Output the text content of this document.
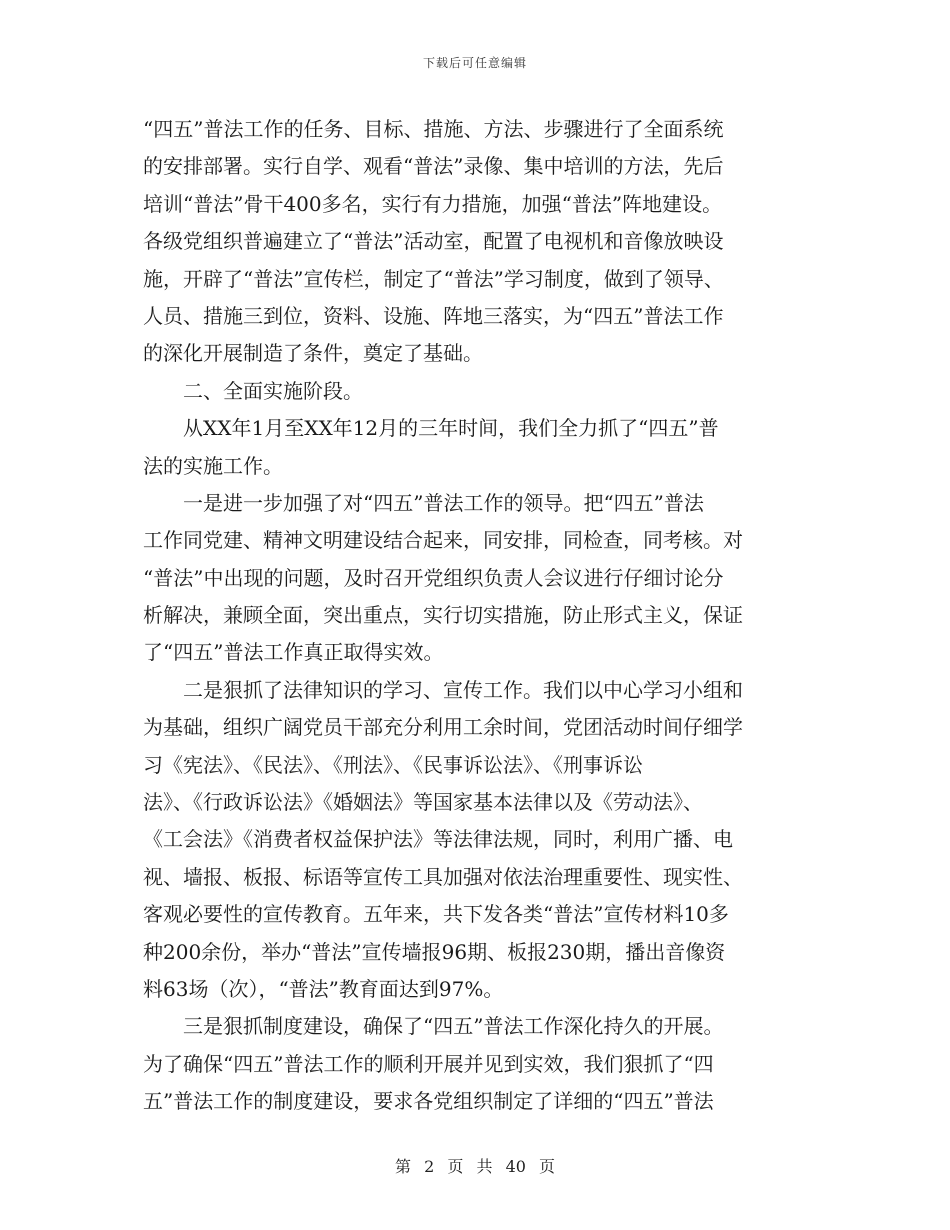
下载后可任意编辑
“四五”普法工作的任务、目标、措施、方法、步骤进行了全面系统
的安排部署。实行自学、观看“普法”录像、集中培训的方法，先后
培训“普法”骨干400多名，实行有力措施，加强“普法”阵地建设。
各级党组织普遍建立了“普法”活动室，配置了电视机和音像放映设
施，开辟了“普法”宣传栏，制定了“普法”学习制度，做到了领导、
人员、措施三到位，资料、设施、阵地三落实，为“四五”普法工作
的深化开展制造了条件，奠定了基础。
　　二、全面实施阶段。
　　从XX年1月至XX年12月的三年时间，我们全力抓了“四五”普
法的实施工作。
　　一是进一步加强了对“四五”普法工作的领导。把“四五”普法
工作同党建、精神文明建设结合起来，同安排，同检查，同考核。对
“普法”中出现的问题，及时召开党组织负责人会议进行仔细讨论分
析解决，兼顾全面，突出重点，实行切实措施，防止形式主义，保证
了“四五”普法工作真正取得实效。
　　二是狠抓了法律知识的学习、宣传工作。我们以中心学习小组和
为基础，组织广阔党员干部充分利用工余时间，党团活动时间仔细学
习《宪法》、《民法》、《刑法》、《民事诉讼法》、《刑事诉讼
法》、《行政诉讼法》《婚姻法》等国家基本法律以及《劳动法》、
《工会法》《消费者权益保护法》等法律法规，同时，利用广播、电
视、墙报、板报、标语等宣传工具加强对依法治理重要性、现实性、
客观必要性的宣传教育。五年来，共下发各类“普法”宣传材料10多
种200余份，举办“普法”宣传墙报96期、板报230期，播出音像资
料63场（次），“普法”教育面达到97%。
　　三是狠抓制度建设，确保了“四五”普法工作深化持久的开展。
为了确保“四五”普法工作的顺利开展并见到实效，我们狠抓了“四
五”普法工作的制度建设，要求各党组织制定了详细的“四五”普法
第 2 页 共 40 页
